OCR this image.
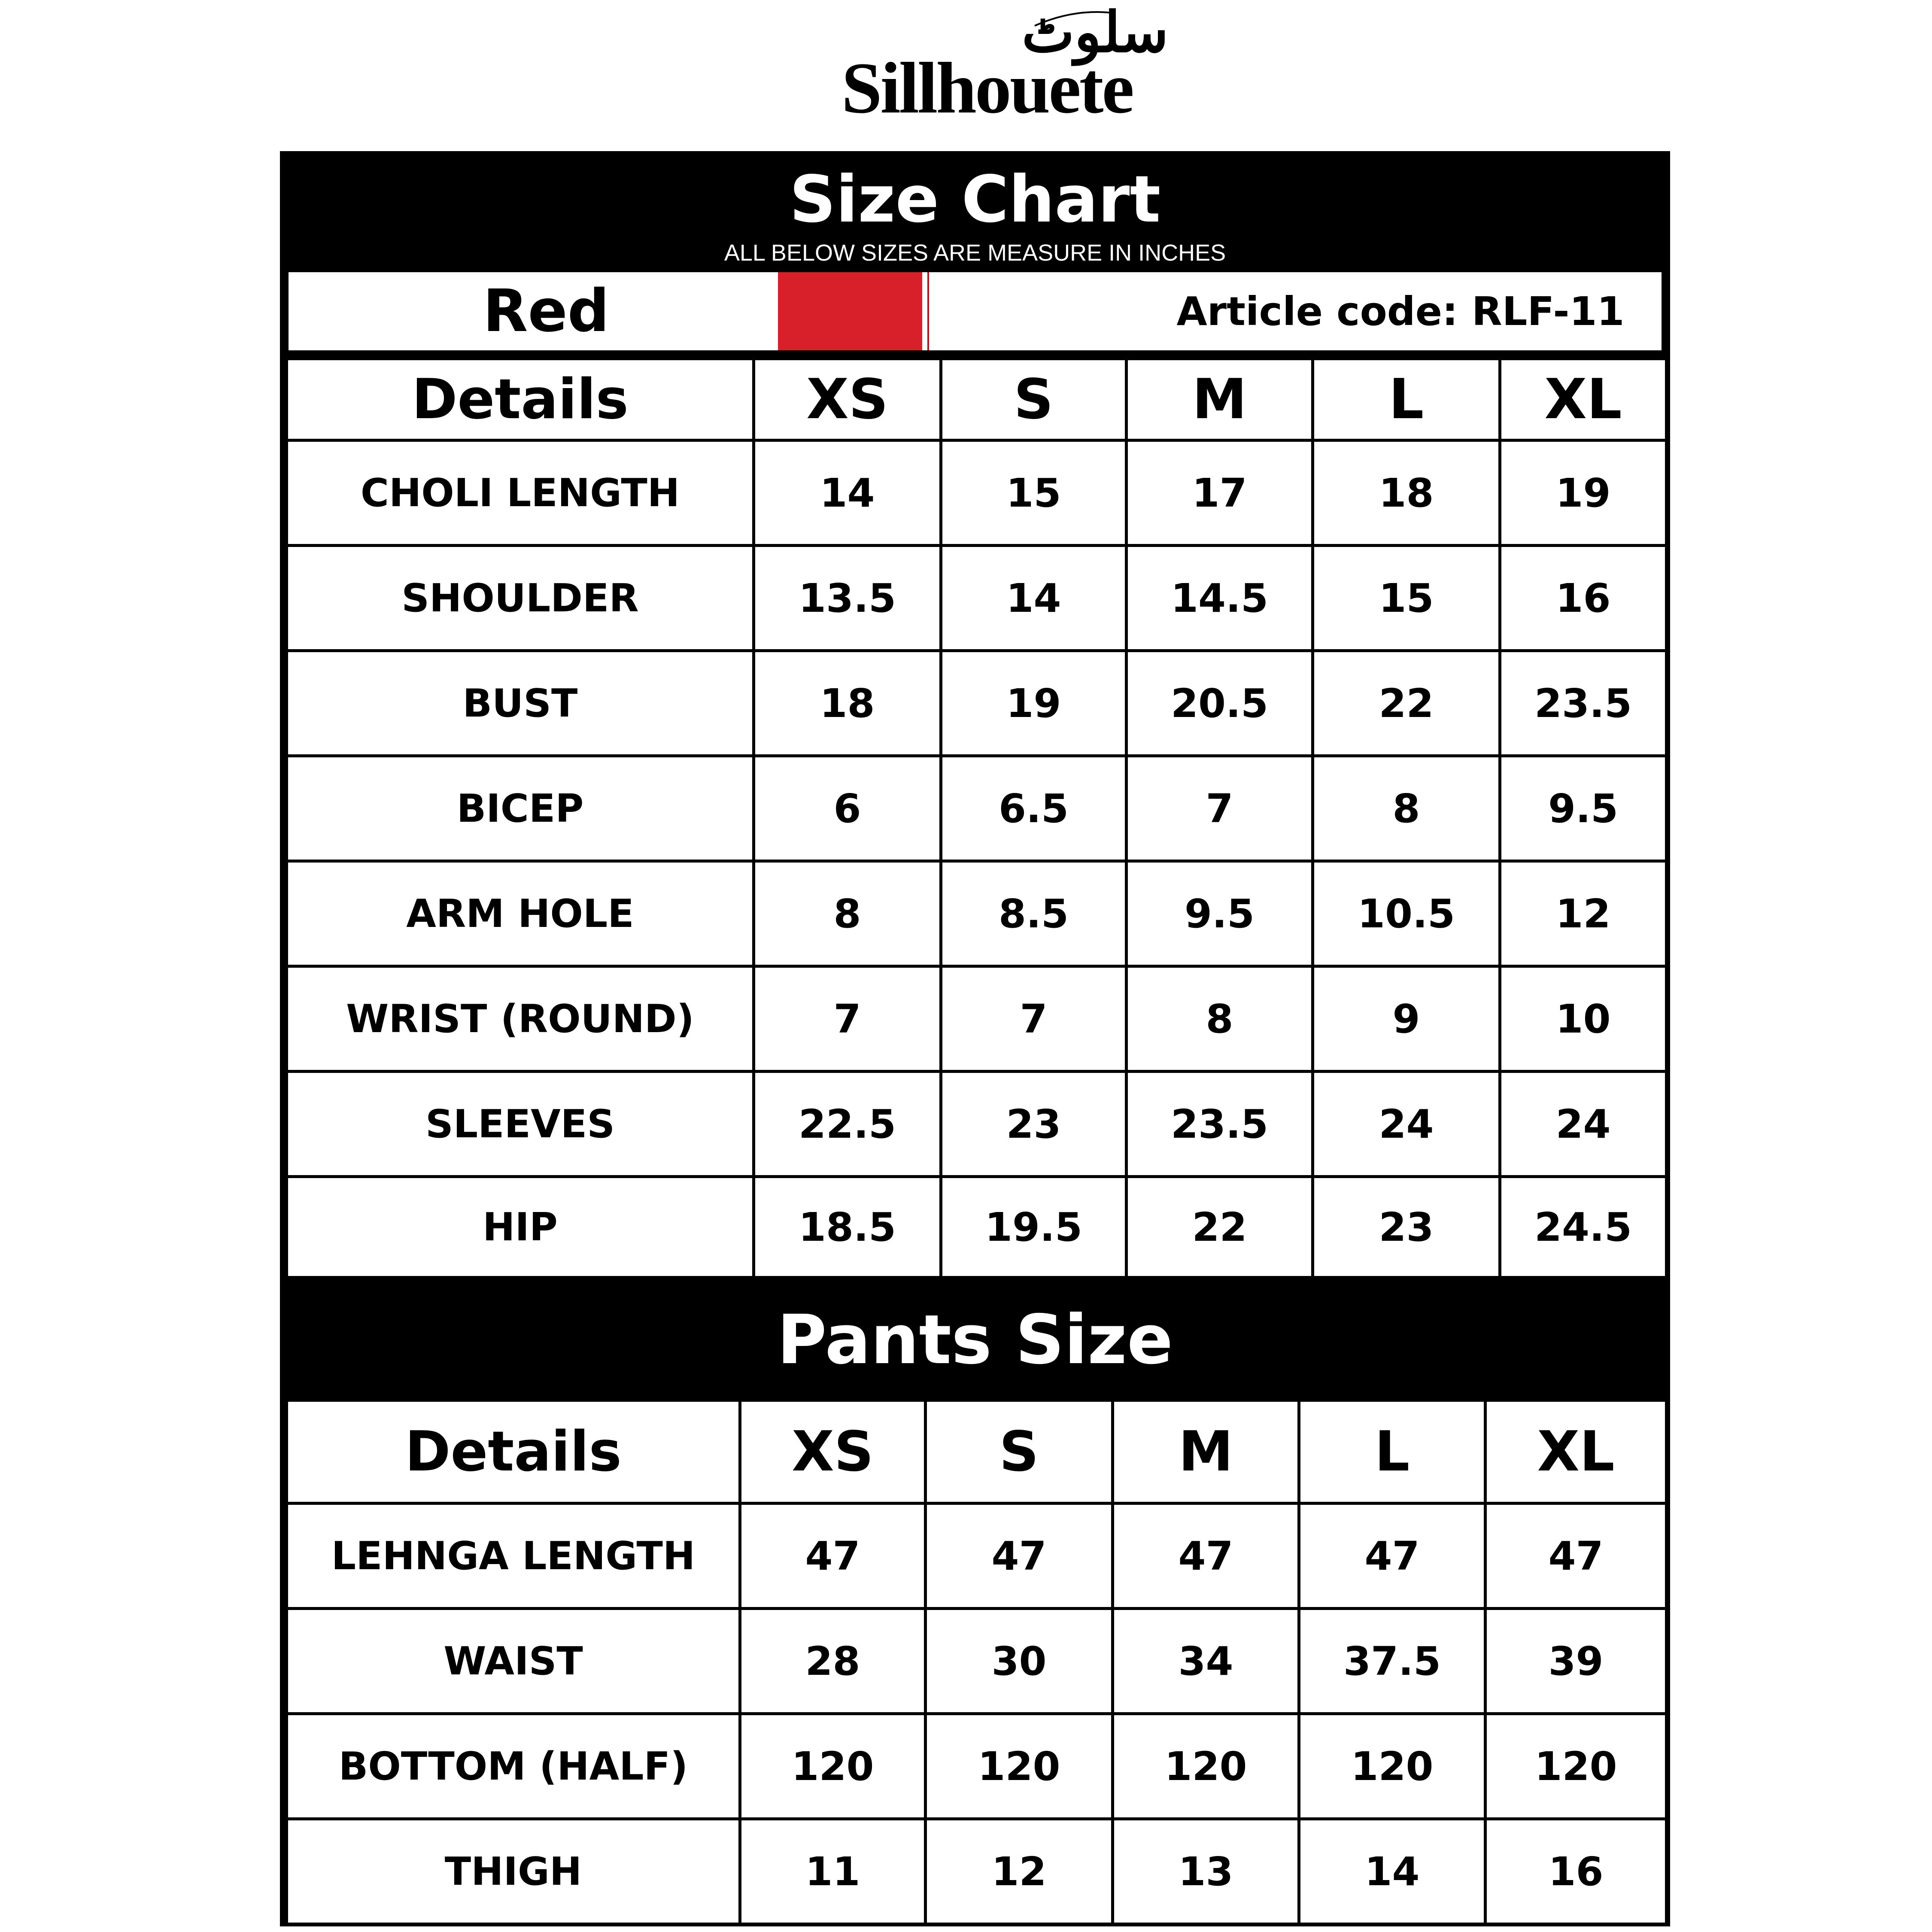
سلوٹ
Sillhouete
Size Chart
ALL BELOW SIZES ARE MEASURE IN INCHES
Red	Article code: RLF-11
Details	XS	S	M	L	XL
CHOLI LENGTH	14	15	17	18	19
SHOULDER	13.5	14	14.5	15	16
BUST	18	19	20.5	22	23.5
BICEP	6	6.5	7	8	9.5
ARM HOLE	8	8.5	9.5	10.5	12
WRIST (ROUND)	7	7	8	9	10
SLEEVES	22.5	23	23.5	24	24
HIP	18.5	19.5	22	23	24.5
Pants Size
Details	XS	S	M	L	XL
LEHNGA LENGTH	47	47	47	47	47
WAIST	28	30	34	37.5	39
BOTTOM (HALF)	120	120	120	120	120
THIGH	11	12	13	14	16
